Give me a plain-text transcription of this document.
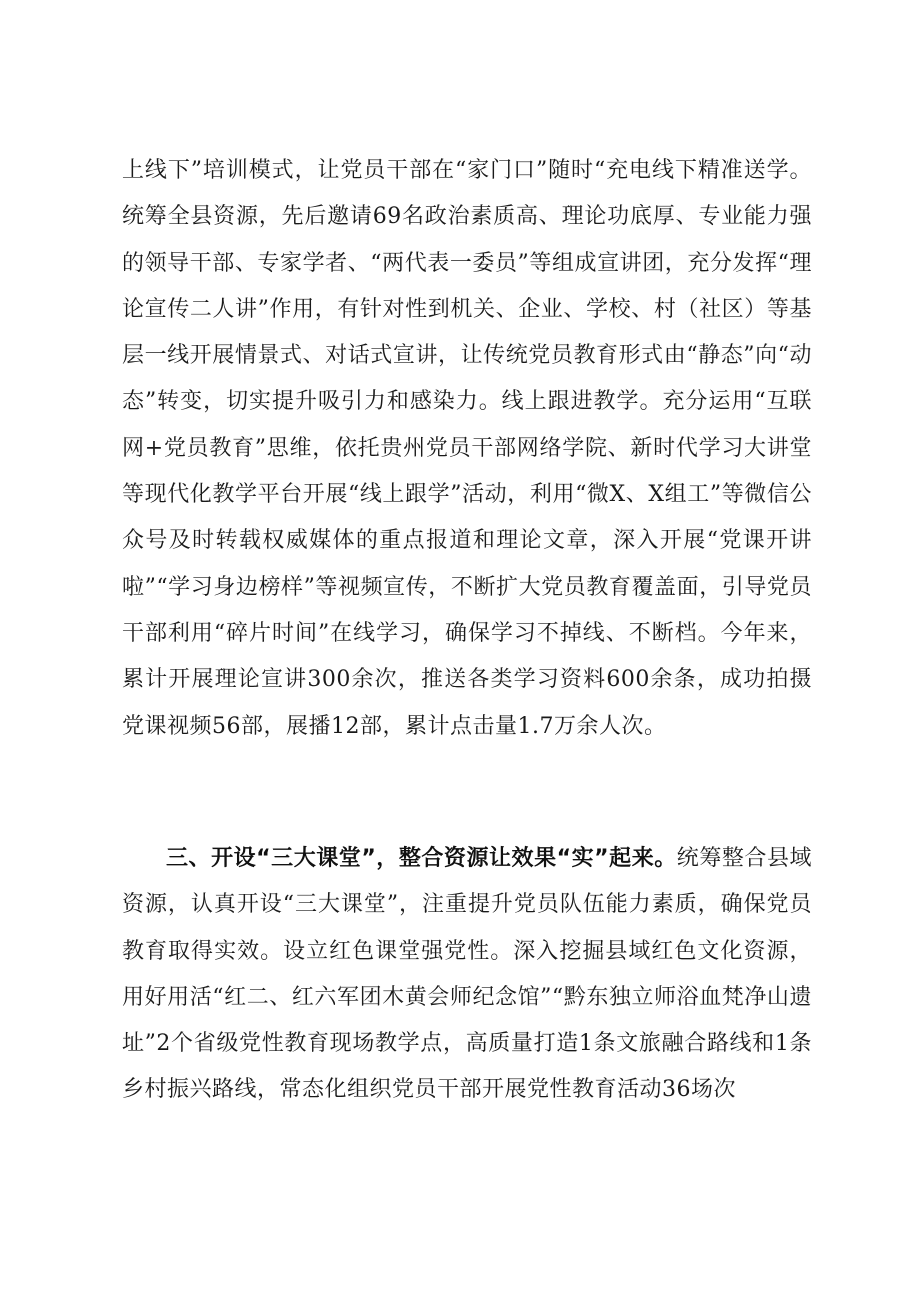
上线下”培训模式，让党员干部在“家门口”随时“充电线下精准送学。统筹全县资源，先后邀请69名政治素质高、理论功底厚、专业能力强的领导干部、专家学者、“两代表一委员”等组成宣讲团，充分发挥“理论宣传二人讲”作用，有针对性到机关、企业、学校、村（社区）等基层一线开展情景式、对话式宣讲，让传统党员教育形式由“静态”向“动态”转变，切实提升吸引力和感染力。线上跟进教学。充分运用“互联网+党员教育”思维，依托贵州党员干部网络学院、新时代学习大讲堂等现代化教学平台开展“线上跟学”活动，利用“微X、X组工”等微信公众号及时转载权威媒体的重点报道和理论文章，深入开展“党课开讲啦”“学习身边榜样”等视频宣传，不断扩大党员教育覆盖面，引导党员干部利用“碎片时间”在线学习，确保学习不掉线、不断档。今年来，累计开展理论宣讲300余次，推送各类学习资料600余条，成功拍摄党课视频56部，展播12部，累计点击量1.7万余人次。

三、开设“三大课堂”，整合资源让效果“实”起来。统筹整合县域资源，认真开设“三大课堂”，注重提升党员队伍能力素质，确保党员教育取得实效。设立红色课堂强党性。深入挖掘县域红色文化资源，用好用活“红二、红六军团木黄会师纪念馆”“黔东独立师浴血梵净山遗址”2个省级党性教育现场教学点，高质量打造1条文旅融合路线和1条乡村振兴路线，常态化组织党员干部开展党性教育活动36场次
